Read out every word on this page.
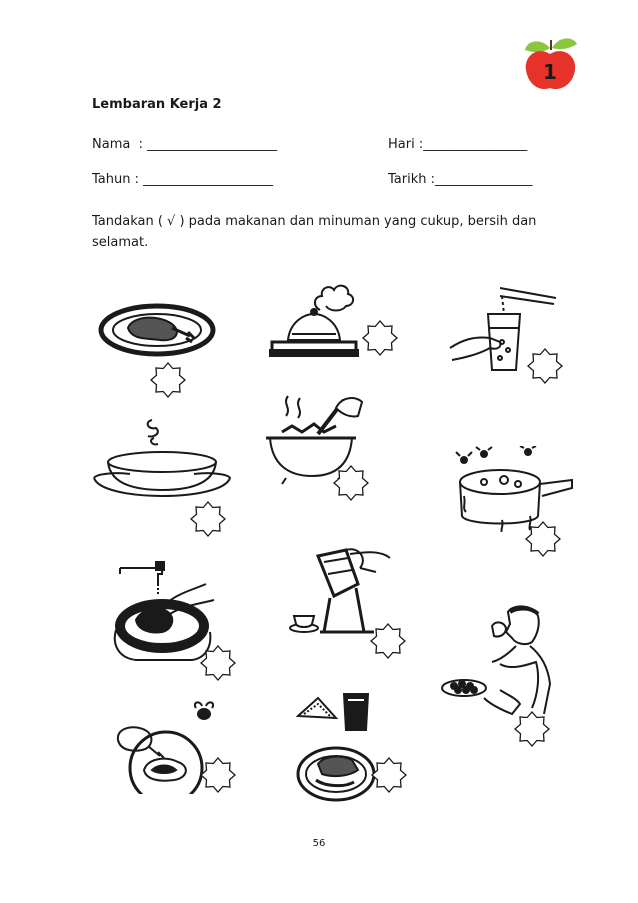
1
Lembaran Kerja 2
Nama  : ____________________	Hari :________________
Tahun : ____________________	Tarikh :_______________
Tandakan ( √ ) pada makanan dan minuman yang cukup, bersih dan selamat.
56
